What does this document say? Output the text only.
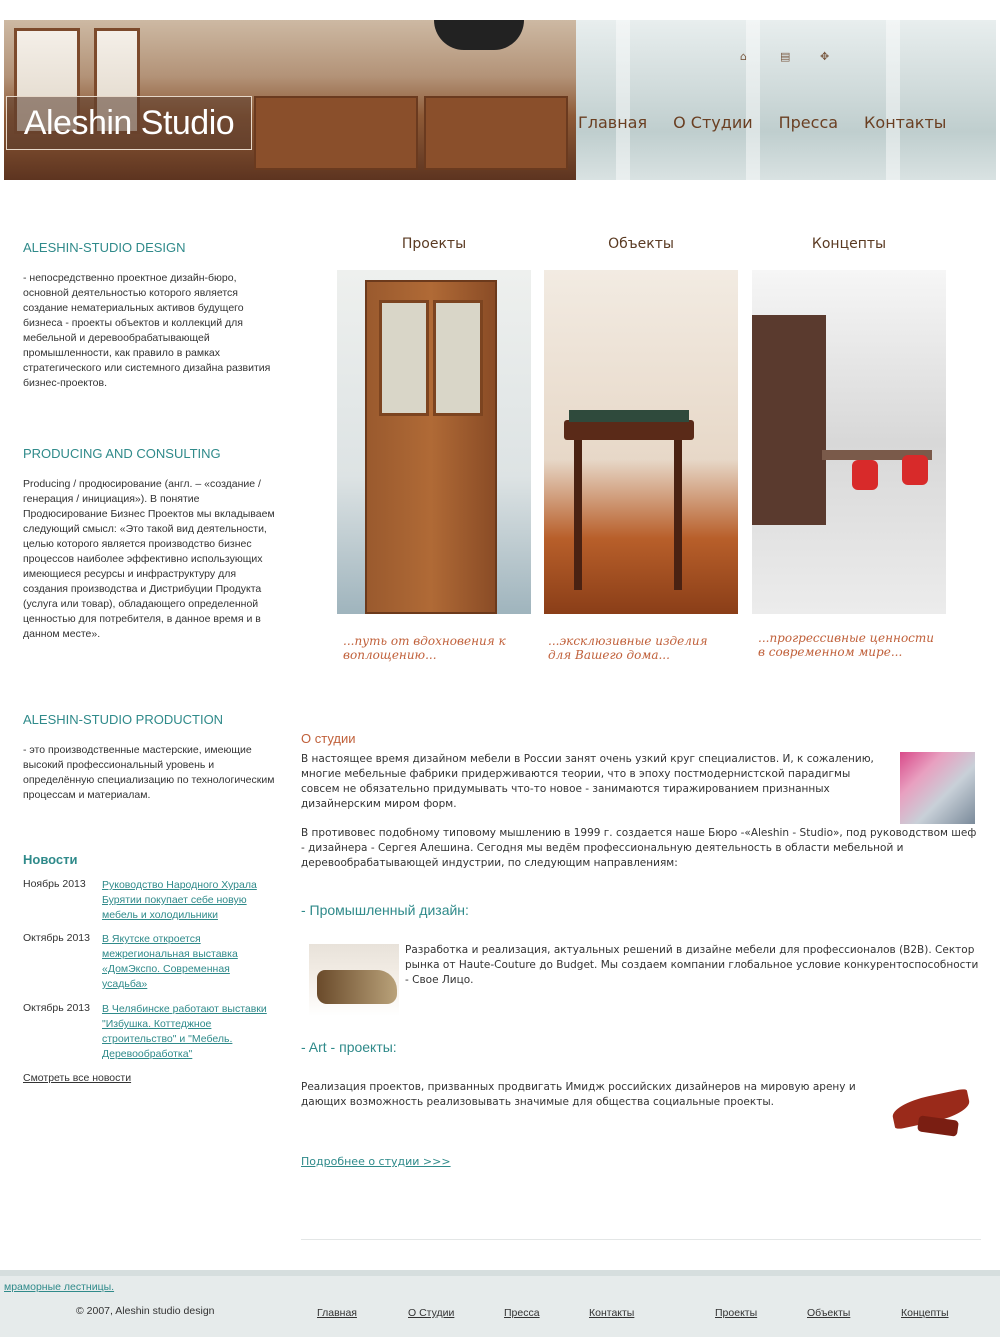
Aleshin Studio
⌂	▤	✥
Главная О Студии Пресса Контакты
ALESHIN-STUDIO DESIGN

- непосредственно проектное дизайн-бюро, основной деятельностью которого является создание нематериальных активов будущего бизнеса - проекты объектов и коллекций для мебельной и деревообрабатывающей промышленности, как правило в рамках стратегического или системного дизайна развития бизнес-проектов.

PRODUCING AND CONSULTING

Producing / продюсирование (англ. – «создание / генерация / инициация»). В понятие Продюсирование Бизнес Проектов мы вкладываем следующий смысл: «Это такой вид деятельности, целью которого является производство бизнес процессов наиболее эффективно использующих имеющиеся ресурсы и инфраструктуру для создания производства и Дистрибуции Продукта (услуга или товар), обладающего определенной ценностью для потребителя, в данное время и в данном месте».

ALESHIN-STUDIO PRODUCTION

- это производственные мастерские, имеющие высокий профессиональный уровень и определённую специализацию по технологическим процессам и материалам.

Новости
Ноябрь 2013	Руководство Народного Хурала Бурятии покупает себе новую мебель и холодильники
Октябрь 2013	В Якутске откроется межрегиональная выставка «ДомЭкспо. Современная усадьба»
Октябрь 2013	В Челябинске работают выставки "Избушка. Коттеджное строительство" и "Мебель. Деревообработка"
Смотреть все новости
Проекты	Объекты	Концепты
...путь от вдохновения к воплощению...
...эксклюзивные изделия для Вашего дома...
...прогрессивные ценности в современном мире...
О студии

В настоящее время дизайном мебели в России занят очень узкий круг специалистов. И, к сожалению, многие мебельные фабрики придерживаются теории, что в эпоху постмодернистской парадигмы совсем не обязательно придумывать что-то новое - занимаются тиражированием признанных дизайнерским миром форм.

В противовес подобному типовому мышлению в 1999 г. создается наше Бюро -«Aleshin - Studio», под руководством шеф - дизайнера - Сергея Алешина. Сегодня мы ведём профессиональную деятельность в области мебельной и деревообрабатывающей индустрии, по следующим направлениям:

- Промышленный дизайн:

Разработка и реализация, актуальных решений в дизайне мебели для профессионалов (B2B). Сектор рынка от Haute-Couture до Budget. Мы создаем компании глобальное условие конкурентоспособности - Свое Лицо.

- Art - проекты:

Реализация проектов, призванных продвигать Имидж российских дизайнеров на мировую арену и дающих возможность реализовывать значимые для общества социальные проекты.

Подробнее о студии >>>
мраморные лестницы.
© 2007, Aleshin studio design	Главная	О Студии	Пресса	Контакты	Проекты	Объекты	Концепты
